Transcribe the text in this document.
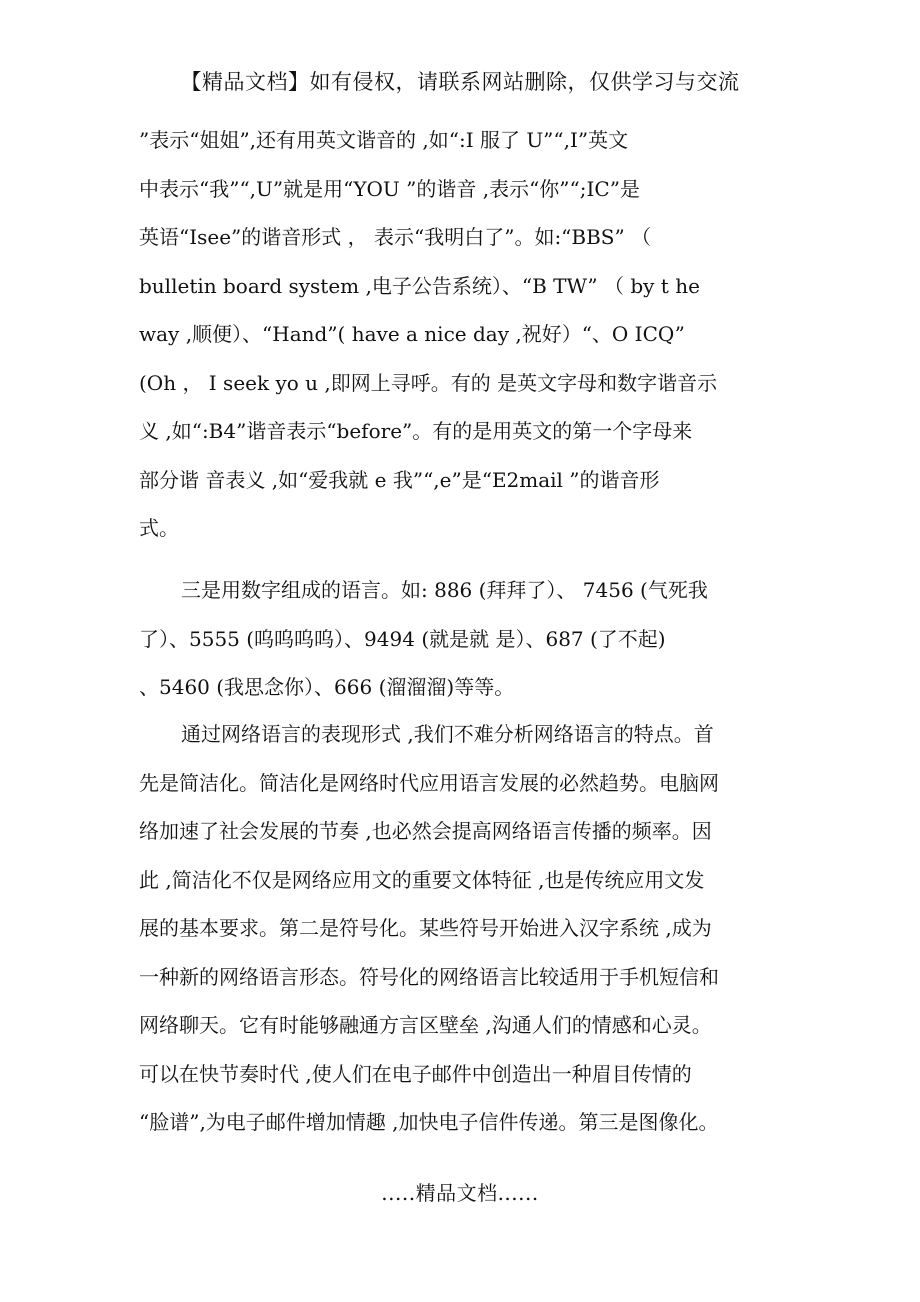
【精品文档】如有侵权，请联系网站删除，仅供学习与交流
”表示“姐姐”,还有用英文谐音的 ,如“:I 服了 U”“,I”英文
中表示“我”“,U”就是用“YOU ”的谐音 ,表示“你”“;IC”是
英语“Isee”的谐音形式 ， 表示“我明白了”。如:“BBS” （
bulletin board system ,电子公告系统）、“B TW” （ by t he
way ,顺便）、“Hand”( have a nice day ,祝好）“、O ICQ”
(Oh ， I seek yo u ,即网上寻呼。有的 是英文字母和数字谐音示
义 ,如“:B4”谐音表示“before”。有的是用英文的第一个字母来
部分谐 音表义 ,如“爱我就 e 我”“,e”是“E2mail ”的谐音形
式。
三是用数字组成的语言。如: 886 (拜拜了）、 7456 (气死我
了）、5555 (呜呜呜呜）、9494 (就是就 是）、687 (了不起)
、5460 (我思念你）、666 (溜溜溜)等等。
通过网络语言的表现形式 ,我们不难分析网络语言的特点。首
先是简洁化。简洁化是网络时代应用语言发展的必然趋势。电脑网
络加速了社会发展的节奏 ,也必然会提高网络语言传播的频率。因
此 ,简洁化不仅是网络应用文的重要文体特征 ,也是传统应用文发
展的基本要求。第二是符号化。某些符号开始进入汉字系统 ,成为
一种新的网络语言形态。符号化的网络语言比较适用于手机短信和
网络聊天。它有时能够融通方言区壁垒 ,沟通人们的情感和心灵。
可以在快节奏时代 ,使人们在电子邮件中创造出一种眉目传情的
“脸谱”,为电子邮件增加情趣 ,加快电子信件传递。第三是图像化。
.....精品文档......
